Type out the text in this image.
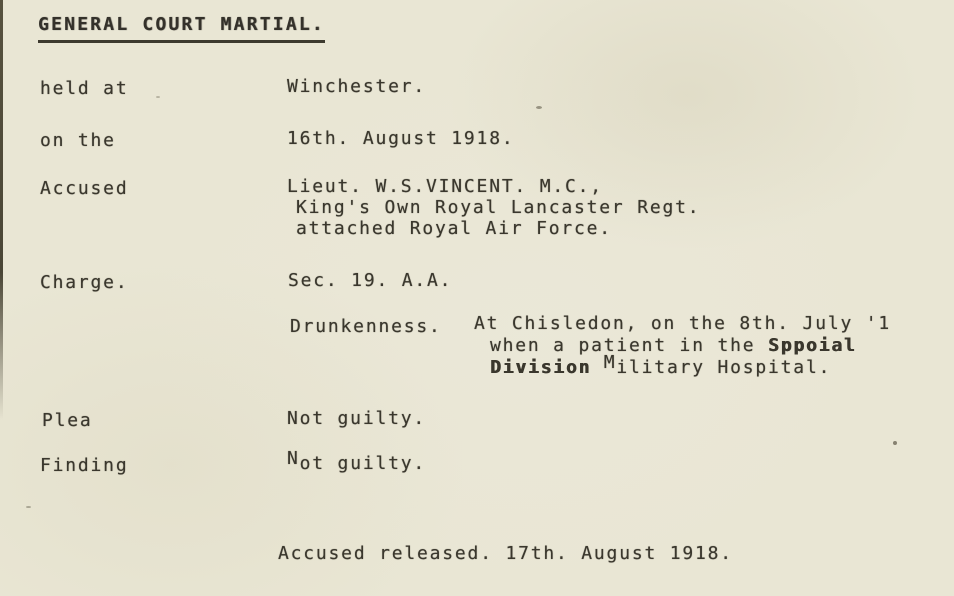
GENERAL COURT MARTIAL.
held at	Winchester.
on the	16th. August 1918.
Accused	Lieut. W.S.VINCENT. M.C.,
King's Own Royal Lancaster Regt.
attached Royal Air Force.
Charge.	Sec. 19. A.A.
Drunkenness. At Chisledon, on the 8th. July '1
when a patient in the Sppoial
Division Military Hospital.
Plea	Not guilty.
Finding	Not guilty.
Accused released. 17th. August 1918.
